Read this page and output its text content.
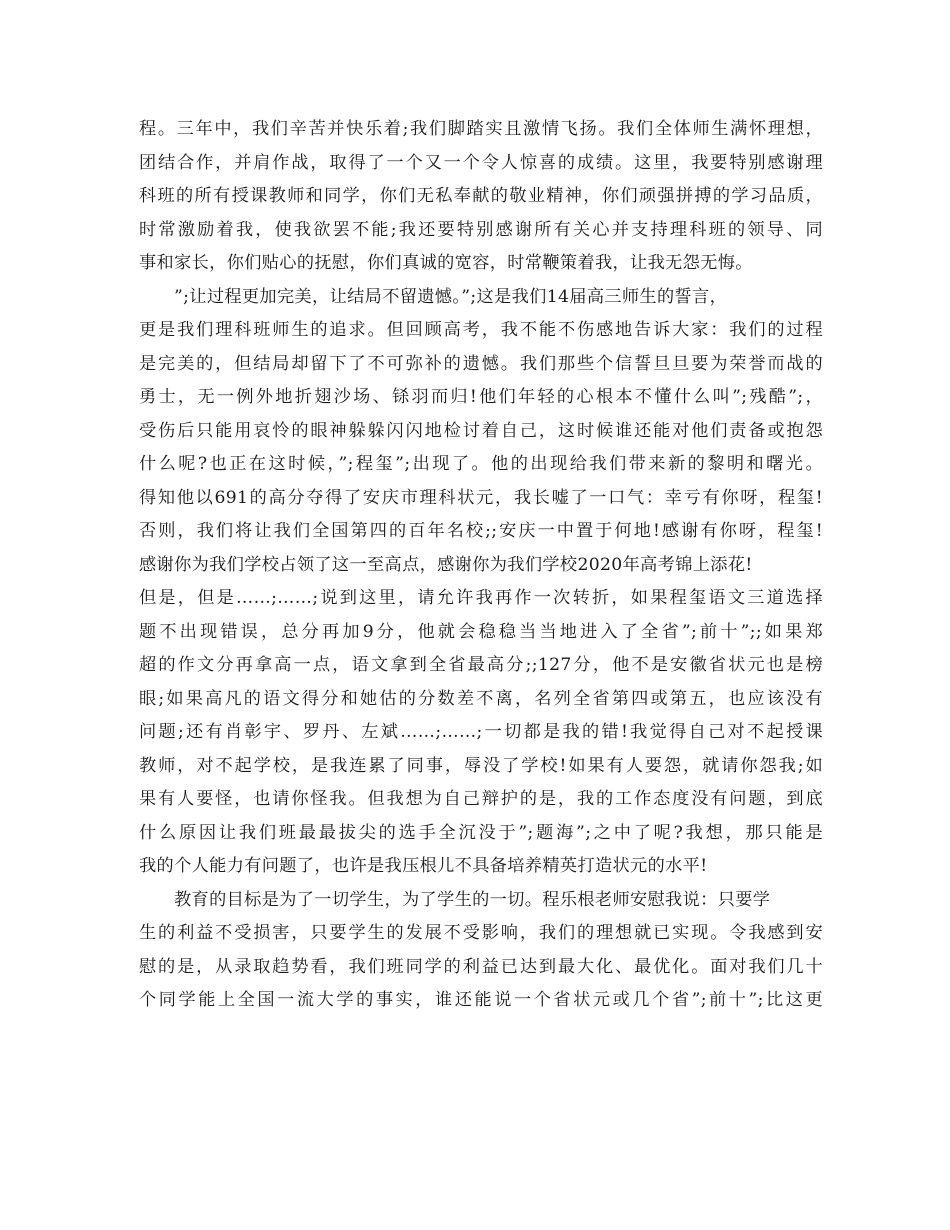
程。三年中，我们辛苦并快乐着;我们脚踏实且激情飞扬。我们全体师生满怀理想，
团结合作，并肩作战，取得了一个又一个令人惊喜的成绩。这里，我要特别感谢理
科班的所有授课教师和同学，你们无私奉献的敬业精神，你们顽强拼搏的学习品质，
时常激励着我，使我欲罢不能;我还要特别感谢所有关心并支持理科班的领导、同
事和家长，你们贴心的抚慰，你们真诚的宽容，时常鞭策着我，让我无怨无悔。
”;让过程更加完美，让结局不留遗憾。”;这是我们14届高三师生的誓言，
更是我们理科班师生的追求。但回顾高考，我不能不伤感地告诉大家：我们的过程
是完美的，但结局却留下了不可弥补的遗憾。我们那些个信誓旦旦要为荣誉而战的
勇士，无一例外地折翅沙场、铩羽而归!他们年轻的心根本不懂什么叫”;残酷”;，
受伤后只能用哀怜的眼神躲躲闪闪地检讨着自己，这时候谁还能对他们责备或抱怨
什么呢?也正在这时候，”;程玺”;出现了。他的出现给我们带来新的黎明和曙光。
得知他以691的高分夺得了安庆市理科状元，我长嘘了一口气：幸亏有你呀，程玺!
否则，我们将让我们全国第四的百年名校;;安庆一中置于何地!感谢有你呀，程玺!
感谢你为我们学校占领了这一至高点，感谢你为我们学校2020年高考锦上添花!
但是，但是……;……;说到这里，请允许我再作一次转折，如果程玺语文三道选择
题不出现错误，总分再加9分，他就会稳稳当当地进入了全省”;前十”;;如果郑
超的作文分再拿高一点，语文拿到全省最高分;;127分，他不是安徽省状元也是榜
眼;如果高凡的语文得分和她估的分数差不离，名列全省第四或第五，也应该没有
问题;还有肖彰宇、罗丹、左斌……;……;一切都是我的错!我觉得自己对不起授课
教师，对不起学校，是我连累了同事，辱没了学校!如果有人要怨，就请你怨我;如
果有人要怪，也请你怪我。但我想为自己辩护的是，我的工作态度没有问题，到底
什么原因让我们班最最拔尖的选手全沉没于”;题海”;之中了呢?我想，那只能是
我的个人能力有问题了，也许是我压根儿不具备培养精英打造状元的水平!
教育的目标是为了一切学生，为了学生的一切。程乐根老师安慰我说：只要学
生的利益不受损害，只要学生的发展不受影响，我们的理想就已实现。令我感到安
慰的是，从录取趋势看，我们班同学的利益已达到最大化、最优化。面对我们几十
个同学能上全国一流大学的事实，谁还能说一个省状元或几个省”;前十”;比这更
